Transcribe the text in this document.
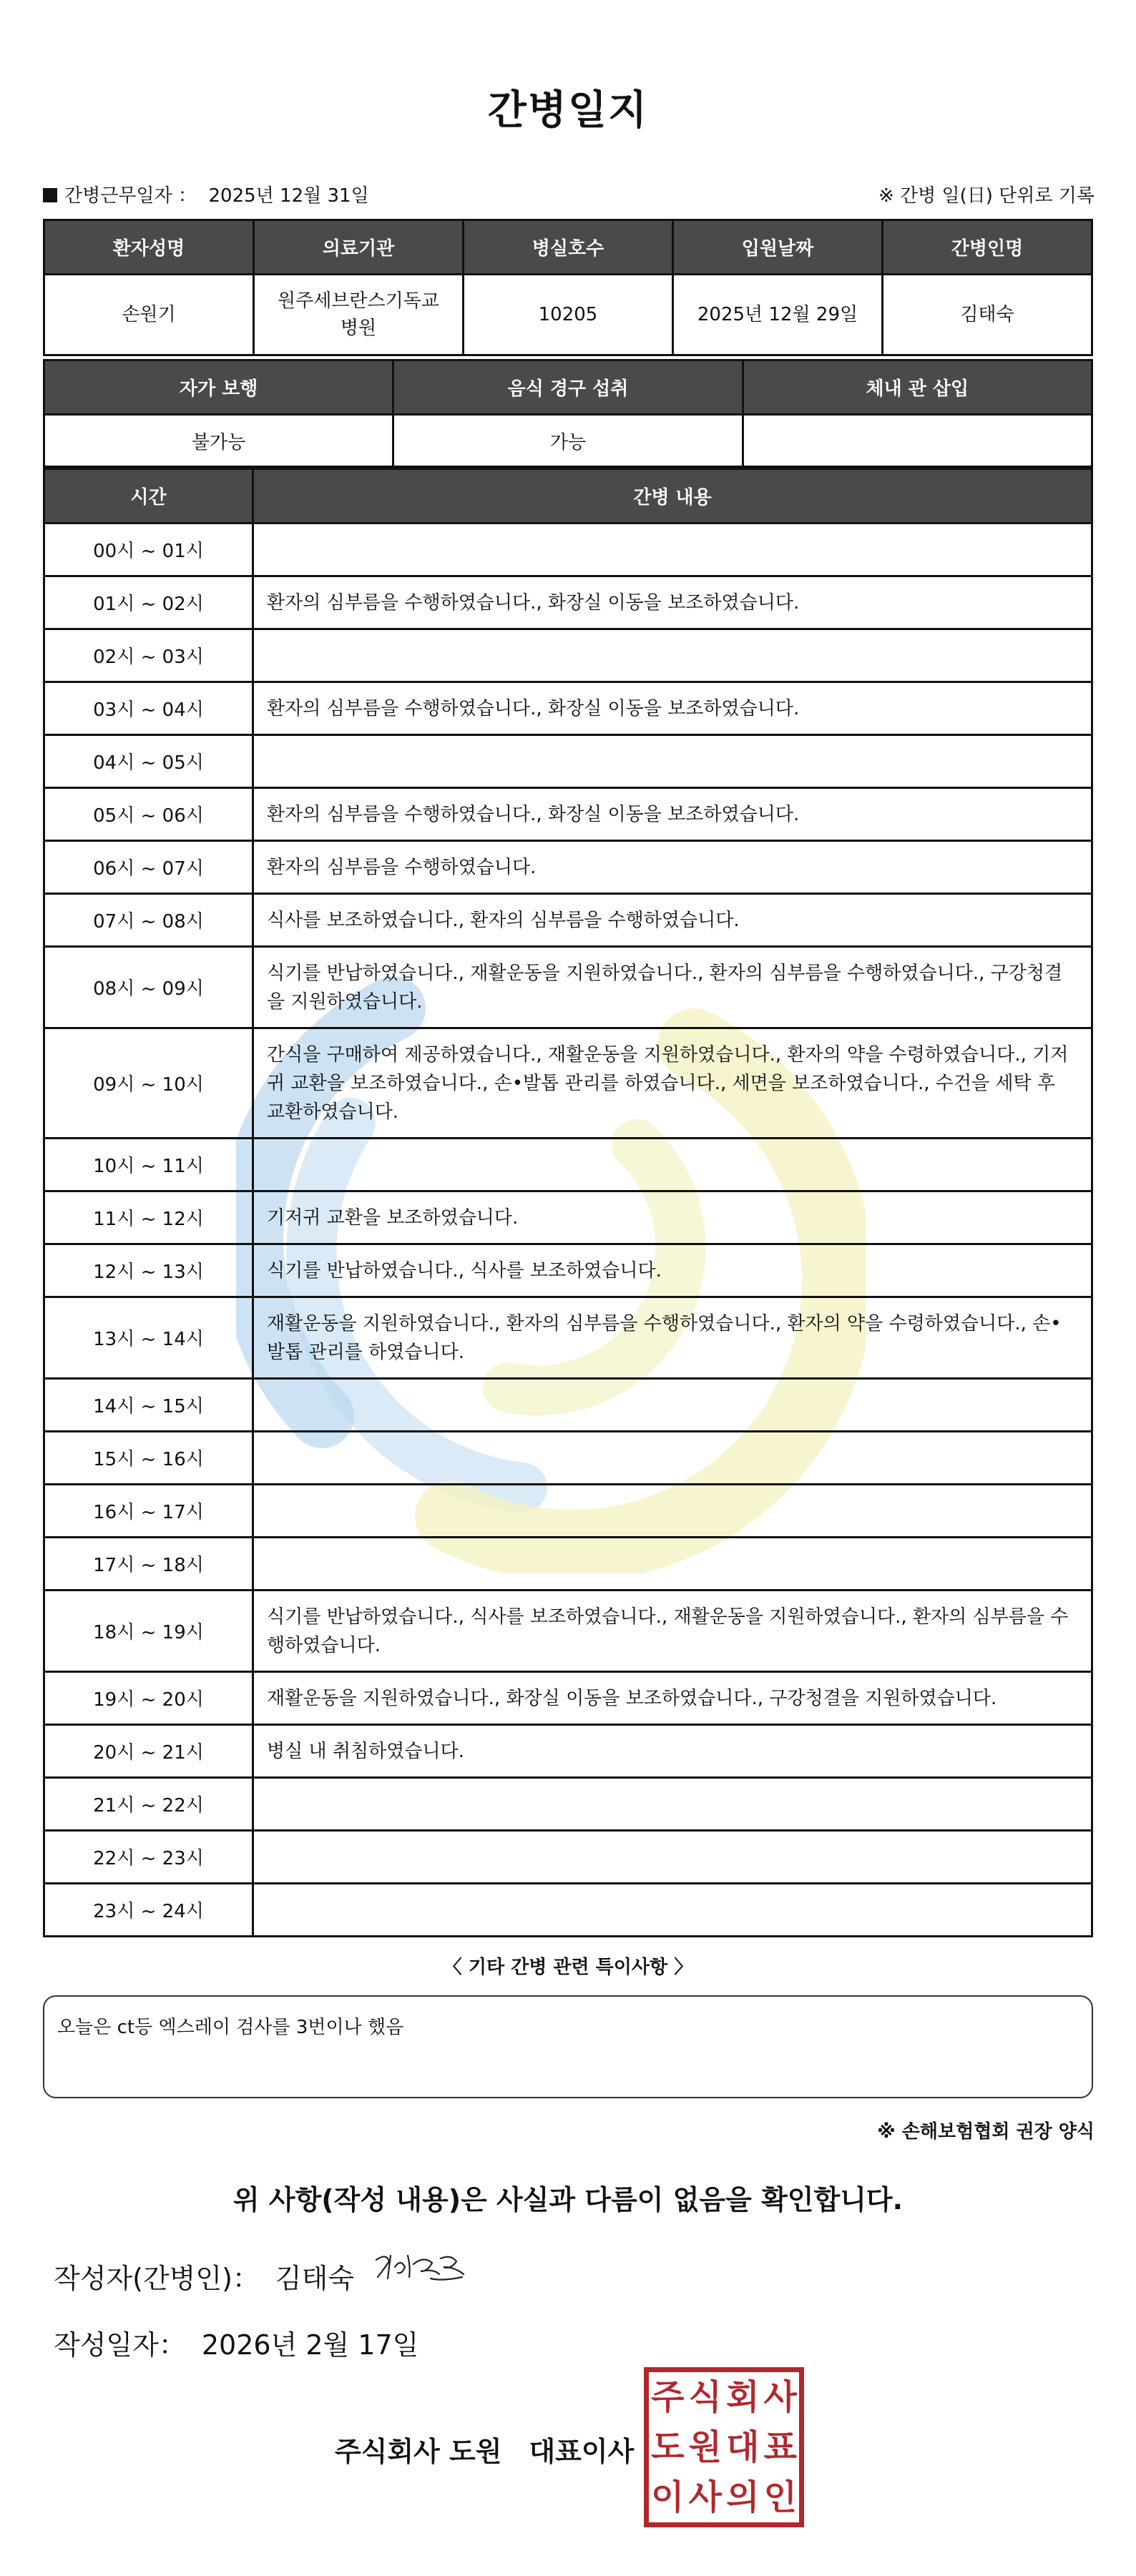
간병일지
간병근무일자 ： 2025년 12월 31일	※ 간병 일(日) 단위로 기록
환자성명	의료기관	병실호수	입원날짜	간병인명
손원기	원주세브란스기독교병원	10205	2025년 12월 29일	김태숙
자가 보행	음식 경구 섭취	체내 관 삽입
불가능	가능	
시간	간병 내용
00시 ~ 01시	
01시 ~ 02시	환자의 심부름을 수행하였습니다., 화장실 이동을 보조하였습니다.
02시 ~ 03시	
03시 ~ 04시	환자의 심부름을 수행하였습니다., 화장실 이동을 보조하였습니다.
04시 ~ 05시	
05시 ~ 06시	환자의 심부름을 수행하였습니다., 화장실 이동을 보조하였습니다.
06시 ~ 07시	환자의 심부름을 수행하였습니다.
07시 ~ 08시	식사를 보조하였습니다., 환자의 심부름을 수행하였습니다.
08시 ~ 09시	식기를 반납하였습니다., 재활운동을 지원하였습니다., 환자의 심부름을 수행하였습니다., 구강청결을 지원하였습니다.
09시 ~ 10시	간식을 구매하여 제공하였습니다., 재활운동을 지원하였습니다., 환자의 약을 수령하였습니다., 기저귀 교환을 보조하였습니다., 손•발톱 관리를 하였습니다., 세면을 보조하였습니다., 수건을 세탁 후 교환하였습니다.
10시 ~ 11시	
11시 ~ 12시	기저귀 교환을 보조하였습니다.
12시 ~ 13시	식기를 반납하였습니다., 식사를 보조하였습니다.
13시 ~ 14시	재활운동을 지원하였습니다., 환자의 심부름을 수행하였습니다., 환자의 약을 수령하였습니다., 손•발톱 관리를 하였습니다.
14시 ~ 15시	
15시 ~ 16시	
16시 ~ 17시	
17시 ~ 18시	
18시 ~ 19시	식기를 반납하였습니다., 식사를 보조하였습니다., 재활운동을 지원하였습니다., 환자의 심부름을 수행하였습니다.
19시 ~ 20시	재활운동을 지원하였습니다., 화장실 이동을 보조하였습니다., 구강청결을 지원하였습니다.
20시 ~ 21시	병실 내 취침하였습니다.
21시 ~ 22시	
22시 ~ 23시	
23시 ~ 24시	
〈 기타 간병 관련 특이사항 〉
오늘은 ct등 엑스레이 검사를 3번이나 했음
※ 손해보험협회 권장 양식
위 사항(작성 내용)은 사실과 다름이 없음을 확인합니다.
작성자(간병인)： 김태숙
작성일자： 2026년 2월 17일
주식회사 도원　대표이사
주 식 회 사
도 원 대 표
이 사 의 인
